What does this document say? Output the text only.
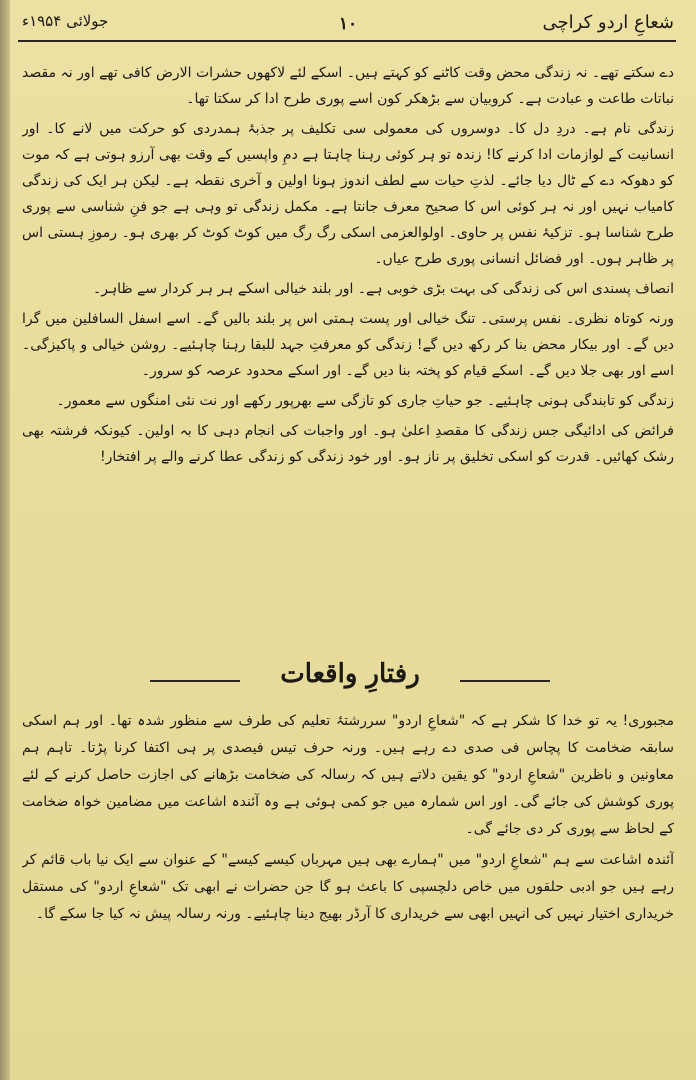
شعاعِ اردو کراچی
۱۰
جولائی ۱۹۵۴ء

دے سکتے تھے۔ نہ زندگی محض وقت کاٹنے کو کہتے ہیں۔ اسکے لئے لاکھوں حشرات الارض کافی تھے اور نہ مقصد نباتات طاعت و عبادت ہے۔ کروبیان سے بڑھکر کون اسے پوری طرح ادا کر سکتا تھا۔

زندگی نام ہے۔ دردِ دل کا۔ دوسروں کی معمولی سی تکلیف پر جذبۂ ہمدردی کو حرکت میں لانے کا۔ اور انسانیت کے لوازمات ادا کرنے کا! زندہ تو ہر کوئی رہنا چاہتا ہے دمِ واپسیں کے وقت بھی آرزو ہوتی ہے کہ موت کو دھوکہ دے کے ٹال دیا جائے۔ لذتِ حیات سے لطف اندوز ہونا اولین و آخری نقطہ ہے۔ لیکن ہر ایک کی زندگی کامیاب نہیں اور نہ ہر کوئی اس کا صحیح معرف جانتا ہے۔ مکمل زندگی تو وہی ہے جو فنِ شناسی سے پوری طرح شناسا ہو۔ تزکیۂ نفس پر حاوی۔ اولوالعزمی اسکی رگ رگ میں کوٹ کوٹ کر بھری ہو۔ رموزِ ہستی اس پر ظاہر ہوں۔ اور فضائل انسانی پوری طرح عیاں۔

انصاف پسندی اس کی زندگی کی بہت بڑی خوبی ہے۔ اور بلند خیالی اسکے ہر ہر کردار سے ظاہر۔

ورنہ کوتاہ نظری۔ نفس پرستی۔ تنگ خیالی اور پست ہمتی اس پر بلند بالیں گے۔ اسے اسفل السافلین میں گرا دیں گے۔ اور بیکار محض بنا کر رکھ دیں گے! زندگی کو معرفتِ جہد للبقا رہنا چاہئیے۔ روشن خیالی و پاکیزگی۔ اسے اور بھی جلا دیں گے۔ اسکے قیام کو پختہ بنا دیں گے۔ اور اسکے محدود عرصہ کو سرور۔

زندگی کو تابندگی ہونی چاہئیے۔ جو حیاتِ جاری کو تازگی سے بھرپور رکھے اور نت نئی امنگوں سے معمور۔

فرائض کی ادائیگی جس زندگی کا مقصدِ اعلیٰ ہو۔ اور واجبات کی انجام دہی کا بہ اولین۔ کیونکہ فرشتہ بھی رشک کھائیں۔ قدرت کو اسکی تخلیق پر ناز ہو۔ اور خود زندگی کو زندگی عطا کرنے والے پر افتخار!

رفتارِ واقعات

مجبوری! یہ تو خدا کا شکر ہے کہ "شعاعِ اردو" سررشتۂ تعلیم کی طرف سے منظور شدہ تھا۔ اور ہم اسکی سابقہ ضخامت کا پچاس فی صدی دے رہے ہیں۔ ورنہ حرف تیس فیصدی پر ہی اکتفا کرنا پڑتا۔ تاہم ہم معاونین و ناظرین "شعاعِ اردو" کو یقین دلاتے ہیں کہ رسالہ کی ضخامت بڑھانے کی اجازت حاصل کرنے کے لئے پوری کوشش کی جائے گی۔ اور اس شمارہ میں جو کمی ہوئی ہے وہ آئندہ اشاعت میں مضامین خواہ ضخامت کے لحاظ سے پوری کر دی جائے گی۔

آئندہ اشاعت سے ہم "شعاعِ اردو" میں "ہمارے بھی ہیں مہرباں کیسے کیسے" کے عنوان سے ایک نیا باب قائم کر رہے ہیں جو ادبی حلقوں میں خاص دلچسپی کا باعث ہو گا جن حضرات نے ابھی تک "شعاعِ اردو" کی مستقل خریداری اختیار نہیں کی انہیں ابھی سے خریداری کا آرڈر بھیج دینا چاہئیے۔ ورنہ رسالہ پیش نہ کیا جا سکے گا۔
